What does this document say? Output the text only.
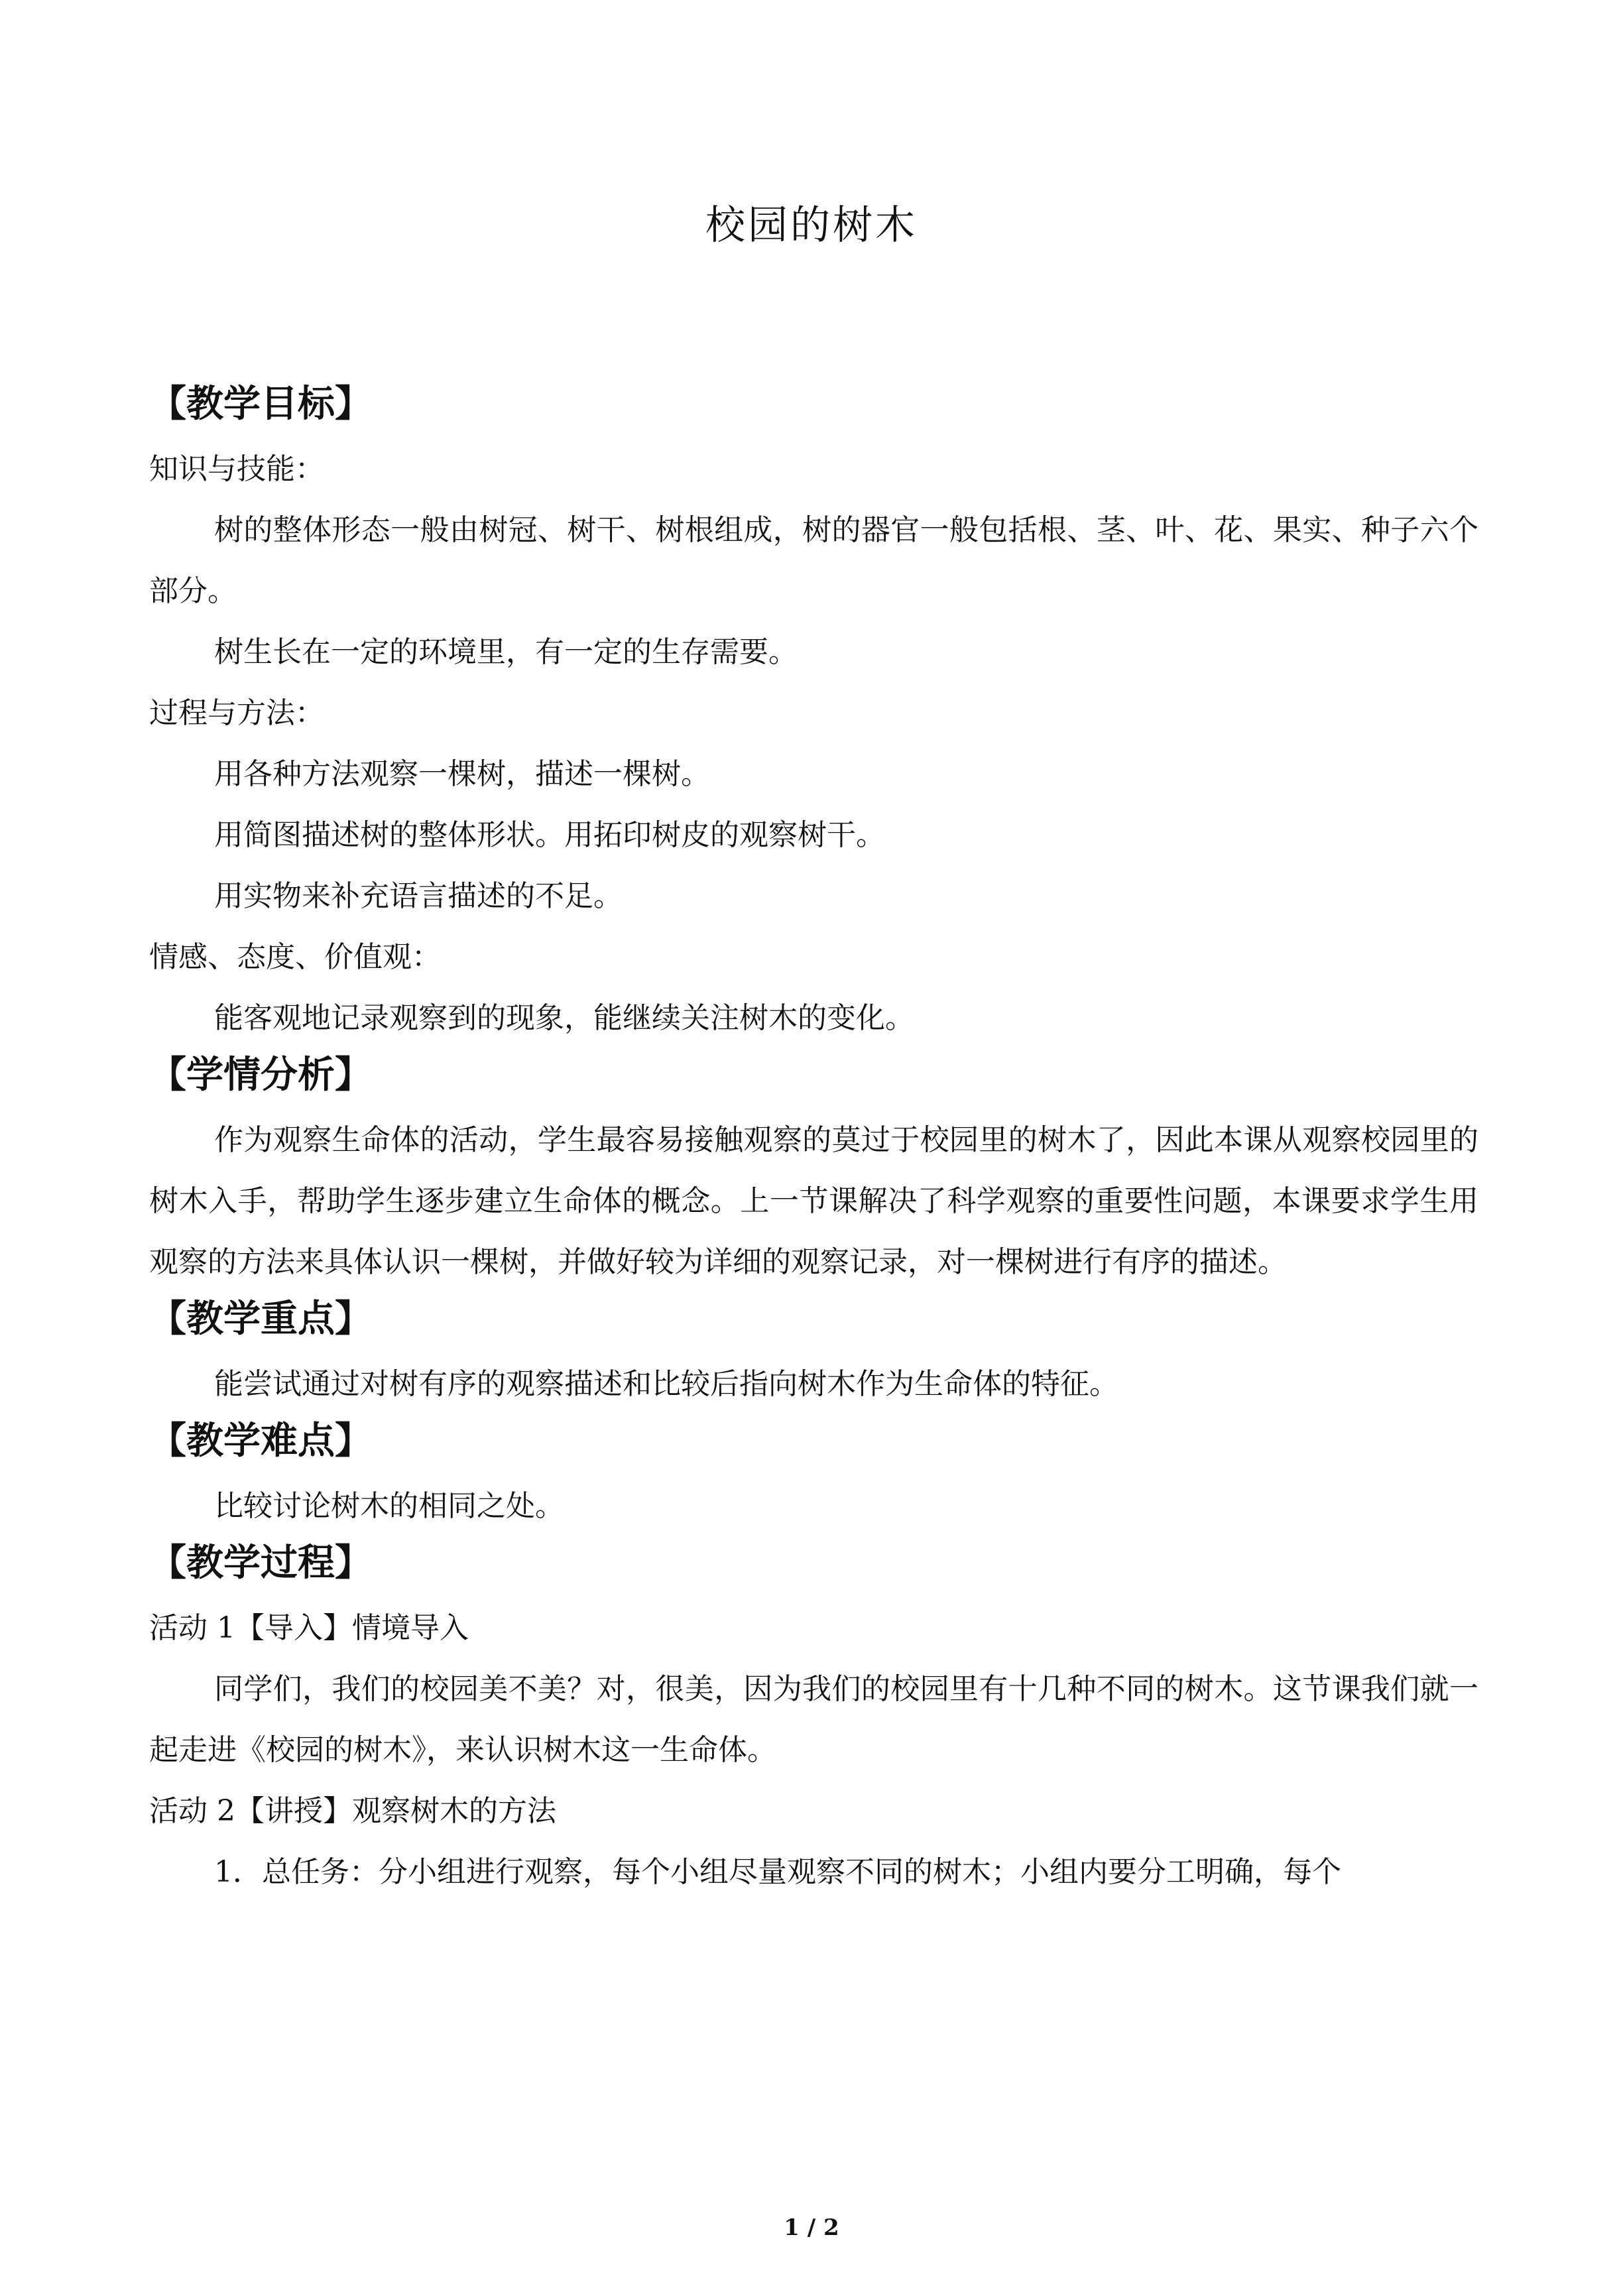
校园的树木
【教学目标】

知识与技能：

树的整体形态一般由树冠、树干、树根组成，树的器官一般包括根、茎、叶、花、果实、种子六个部分。

树生长在一定的环境里，有一定的生存需要。

过程与方法：

用各种方法观察一棵树，描述一棵树。

用简图描述树的整体形状。用拓印树皮的观察树干。

用实物来补充语言描述的不足。

情感、态度、价值观：

能客观地记录观察到的现象，能继续关注树木的变化。

【学情分析】

作为观察生命体的活动，学生最容易接触观察的莫过于校园里的树木了，因此本课从观察校园里的树木入手，帮助学生逐步建立生命体的概念。上一节课解决了科学观察的重要性问题，本课要求学生用观察的方法来具体认识一棵树，并做好较为详细的观察记录，对一棵树进行有序的描述。

【教学重点】

能尝试通过对树有序的观察描述和比较后指向树木作为生命体的特征。

【教学难点】

比较讨论树木的相同之处。

【教学过程】

活动 1【导入】情境导入

同学们，我们的校园美不美？对，很美，因为我们的校园里有十几种不同的树木。这节课我们就一起走进《校园的树木》，来认识树木这一生命体。

活动 2【讲授】观察树木的方法

1．总任务：分小组进行观察，每个小组尽量观察不同的树木；小组内要分工明确，每个

1 / 2
